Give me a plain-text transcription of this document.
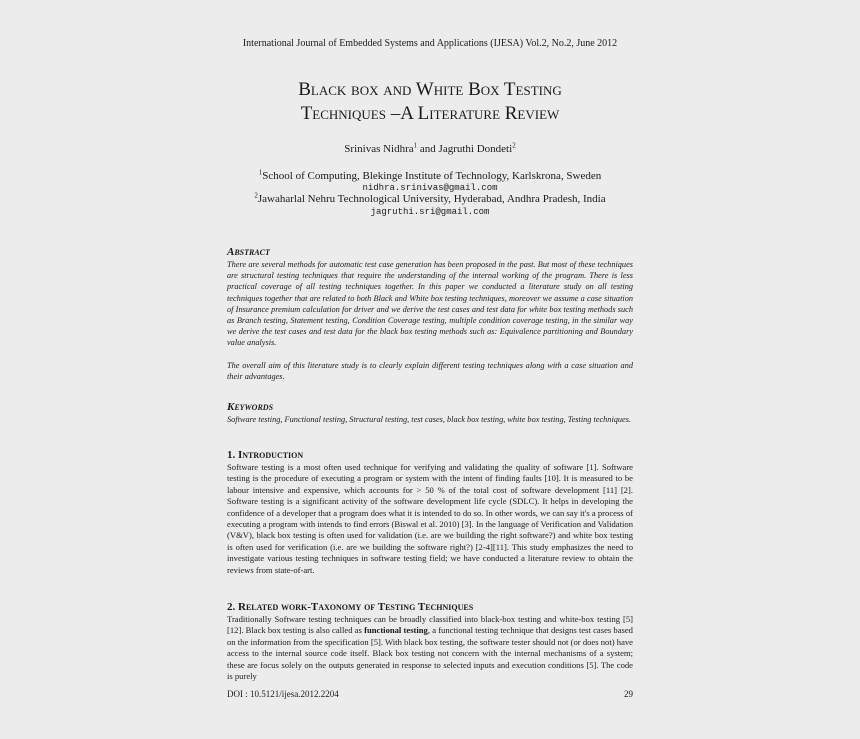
International Journal of Embedded Systems and Applications (IJESA) Vol.2, No.2, June 2012
Black box and White Box Testing
Techniques –A Literature Review
Srinivas Nidhra$^1$ and Jagruthi Dondeti$^2$
$^1$School of Computing, Blekinge Institute of Technology, Karlskrona, Sweden
nidhra.srinivas@gmail.com
$^2$Jawaharlal Nehru Technological University, Hyderabad, Andhra Pradesh, India
jagruthi.sri@gmail.com
Abstract

There are several methods for automatic test case generation has been proposed in the past. But most of these techniques are structural testing techniques that require the understanding of the internal working of the program. There is less practical coverage of all testing techniques together. In this paper we conducted a literature study on all testing techniques together that are related to both Black and White box testing techniques, moreover we assume a case situation of Insurance premium calculation for driver and we derive the test cases and test data for white box testing methods such as Branch testing, Statement testing, Condition Coverage testing, multiple condition coverage testing, in the similar way we derive the test cases and test data for the black box testing methods such as: Equivalence partitioning and Boundary value analysis.

The overall aim of this literature study is to clearly explain different testing techniques along with a case situation and their advantages.

Keywords

Software testing, Functional testing, Structural testing, test cases, black box testing, white box testing, Testing techniques.

1. Introduction

Software testing is a most often used technique for verifying and validating the quality of software [1]. Software testing is the procedure of executing a program or system with the intent of finding faults [10]. It is measured to be labour intensive and expensive, which accounts for > 50 % of the total cost of software development [11] [2]. Software testing is a significant activity of the software development life cycle (SDLC). It helps in developing the confidence of a developer that a program does what it is intended to do so. In other words, we can say it's a process of executing a program with intends to find errors (Biswal et al. 2010) [3]. In the language of Verification and Validation (V&V), black box testing is often used for validation (i.e. are we building the right software?) and white box testing is often used for verification (i.e. are we building the software right?) [2-4][11]. This study emphasizes the need to investigate various testing techniques in software testing field; we have conducted a literature review to obtain the reviews from state-of-art.

2. Related work-Taxonomy of Testing Techniques

Traditionally Software testing techniques can be broadly classified into black-box testing and white-box testing [5] [12]. Black box testing is also called as functional testing, a functional testing technique that designs test cases based on the information from the specification [5]. With black box testing, the software tester should not (or does not) have access to the internal source code itself. Black box testing not concern with the internal mechanisms of a system; these are focus solely on the outputs generated in response to selected inputs and execution conditions [5]. The code is purely

DOI : 10.5121/ijesa.2012.2204	29
